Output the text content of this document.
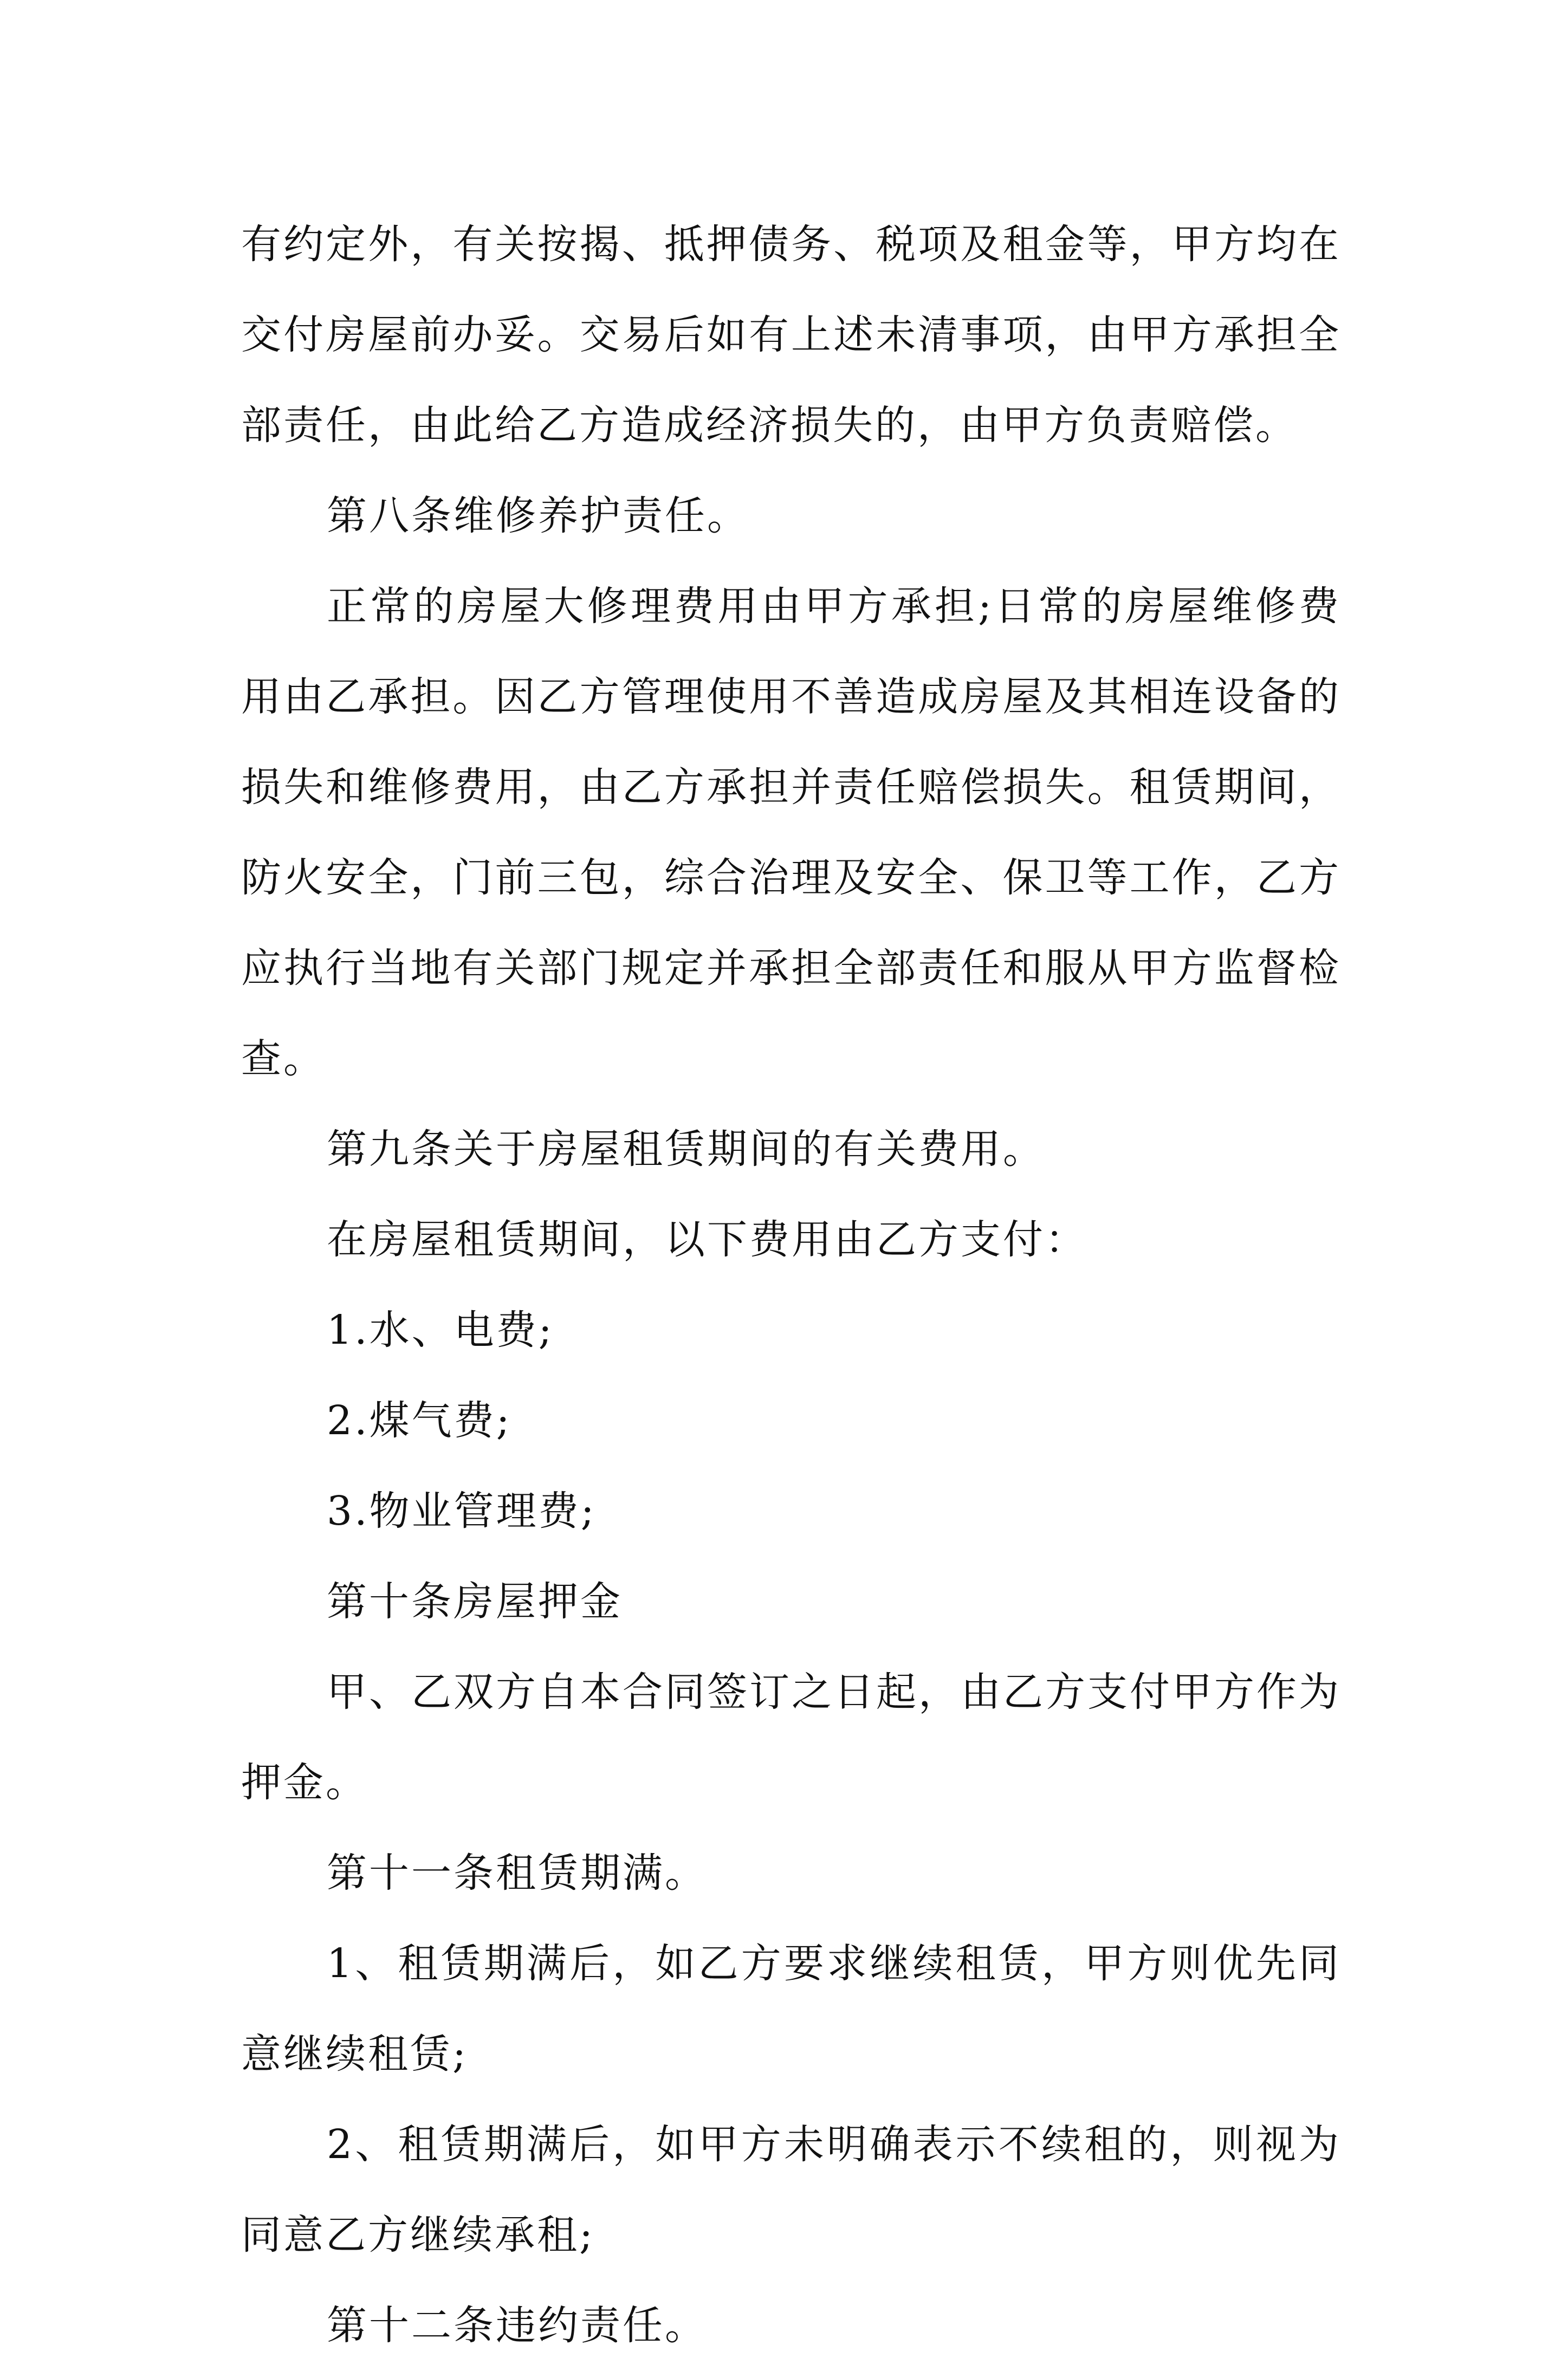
有约定外，有关按揭、抵押债务、税项及租金等，甲方均在交付房屋前办妥。交易后如有上述未清事项，由甲方承担全部责任，由此给乙方造成经济损失的，由甲方负责赔偿。

第八条维修养护责任。

正常的房屋大修理费用由甲方承担;日常的房屋维修费用由乙承担。因乙方管理使用不善造成房屋及其相连设备的损失和维修费用，由乙方承担并责任赔偿损失。租赁期间，防火安全，门前三包，综合治理及安全、保卫等工作，乙方应执行当地有关部门规定并承担全部责任和服从甲方监督检查。

第九条关于房屋租赁期间的有关费用。

在房屋租赁期间，以下费用由乙方支付：

1.水、电费;

2.煤气费;

3.物业管理费;

第十条房屋押金

甲、乙双方自本合同签订之日起，由乙方支付甲方作为押金。

第十一条租赁期满。

1、租赁期满后，如乙方要求继续租赁，甲方则优先同意继续租赁;

2、租赁期满后，如甲方未明确表示不续租的，则视为同意乙方继续承租;

第十二条违约责任。
